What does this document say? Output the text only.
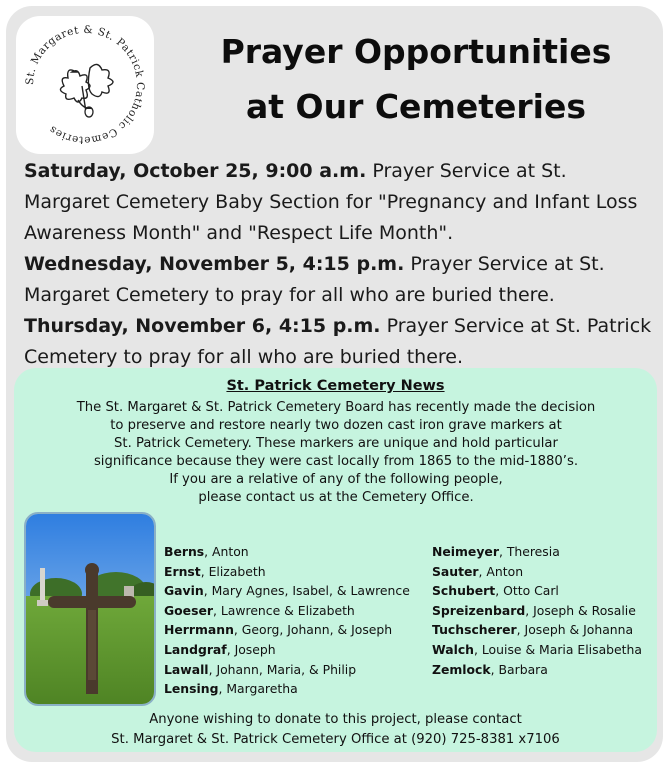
St. Margaret & St. Patrick Catholic Cemeteries
Prayer Opportunities
at Our Cemeteries

Saturday, October 25, 9:00 a.m. Prayer Service at St. Margaret Cemetery Baby Section for "Pregnancy and Infant Loss Awareness Month" and "Respect Life Month".

Wednesday, November 5, 4:15 p.m. Prayer Service at St. Margaret Cemetery to pray for all who are buried there.

Thursday, November 6, 4:15 p.m. Prayer Service at St. Patrick Cemetery to pray for all who are buried there.

St. Patrick Cemetery News
The St. Margaret & St. Patrick Cemetery Board has recently made the decision
to preserve and restore nearly two dozen cast iron grave markers at
St. Patrick Cemetery. These markers are unique and hold particular
significance because they were cast locally from 1865 to the mid-1880’s.
If you are a relative of any of the following people,
please contact us at the Cemetery Office.
Berns, Anton
Ernst, Elizabeth
Gavin, Mary Agnes, Isabel, & Lawrence
Goeser, Lawrence & Elizabeth
Herrmann, Georg, Johann, & Joseph
Landgraf, Joseph
Lawall, Johann, Maria, & Philip
Lensing, Margaretha
Neimeyer, Theresia
Sauter, Anton
Schubert, Otto Carl
Spreizenbard, Joseph & Rosalie
Tuchscherer, Joseph & Johanna
Walch, Louise & Maria Elisabetha
Zemlock, Barbara
Anyone wishing to donate to this project, please contact
St. Margaret & St. Patrick Cemetery Office at (920) 725-8381 x7106
